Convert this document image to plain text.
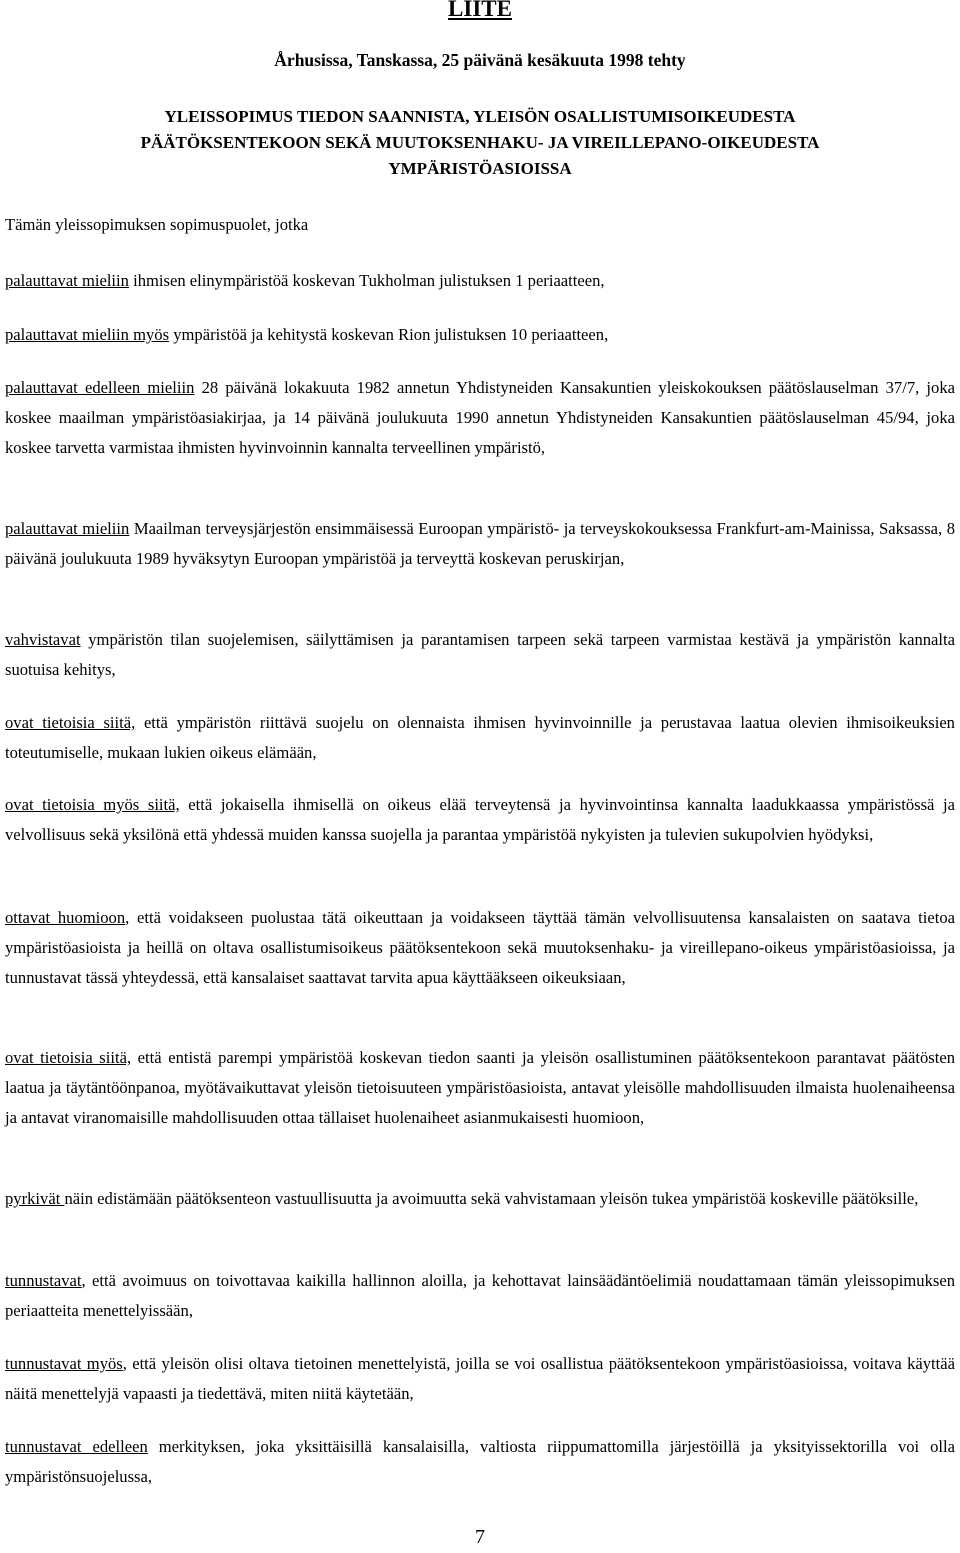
LIITE

Århusissa, Tanskassa, 25 päivänä kesäkuuta 1998 tehty

YLEISSOPIMUS TIEDON SAANNISTA, YLEISÖN OSALLISTUMISOIKEUDESTA
PÄÄTÖKSENTEKOON SEKÄ MUUTOKSENHAKU- JA VIREILLEPANO-OIKEUDESTA
YMPÄRISTÖASIOISSA

Tämän yleissopimuksen sopimuspuolet, jotka

palauttavat mieliin ihmisen elinympäristöä koskevan Tukholman julistuksen 1 periaatteen,

palauttavat mieliin myös ympäristöä ja kehitystä koskevan Rion julistuksen 10 periaatteen,

palauttavat edelleen mieliin 28 päivänä lokakuuta 1982 annetun Yhdistyneiden Kansakuntien yleiskokouksen päätöslauselman 37/7, joka koskee maailman ympäristöasiakirjaa, ja 14 päivänä joulukuuta 1990 annetun Yhdistyneiden Kansakuntien päätöslauselman 45/94, joka koskee tarvetta varmistaa ihmisten hyvinvoinnin kannalta terveellinen ympäristö,

palauttavat mieliin Maailman terveysjärjestön ensimmäisessä Euroopan ympäristö- ja terveyskokouksessa Frankfurt-am-Mainissa, Saksassa, 8 päivänä joulukuuta 1989 hyväksytyn Euroopan ympäristöä ja terveyttä koskevan peruskirjan,

vahvistavat ympäristön tilan suojelemisen, säilyttämisen ja parantamisen tarpeen sekä tarpeen varmistaa kestävä ja ympäristön kannalta suotuisa kehitys,

ovat tietoisia siitä, että ympäristön riittävä suojelu on olennaista ihmisen hyvinvoinnille ja perustavaa laatua olevien ihmisoikeuksien toteutumiselle, mukaan lukien oikeus elämään,

ovat tietoisia myös siitä, että jokaisella ihmisellä on oikeus elää terveytensä ja hyvinvointinsa kannalta laadukkaassa ympäristössä ja velvollisuus sekä yksilönä että yhdessä muiden kanssa suojella ja parantaa ympäristöä nykyisten ja tulevien sukupolvien hyödyksi,

ottavat huomioon, että voidakseen puolustaa tätä oikeuttaan ja voidakseen täyttää tämän velvollisuutensa kansalaisten on saatava tietoa ympäristöasioista ja heillä on oltava osallistumisoikeus päätöksentekoon sekä muutoksenhaku- ja vireillepano-oikeus ympäristöasioissa, ja tunnustavat tässä yhteydessä, että kansalaiset saattavat tarvita apua käyttääkseen oikeuksiaan,

ovat tietoisia siitä, että entistä parempi ympäristöä koskevan tiedon saanti ja yleisön osallistuminen päätöksentekoon parantavat päätösten laatua ja täytäntöönpanoa, myötävaikuttavat yleisön tietoisuuteen ympäristöasioista, antavat yleisölle mahdollisuuden ilmaista huolenaiheensa ja antavat viranomaisille mahdollisuuden ottaa tällaiset huolenaiheet asianmukaisesti huomioon,

pyrkivät näin edistämään päätöksenteon vastuullisuutta ja avoimuutta sekä vahvistamaan yleisön tukea ympäristöä koskeville päätöksille,

tunnustavat, että avoimuus on toivottavaa kaikilla hallinnon aloilla, ja kehottavat lainsäädäntöelimiä noudattamaan tämän yleissopimuksen periaatteita menettelyissään,

tunnustavat myös, että yleisön olisi oltava tietoinen menettelyistä, joilla se voi osallistua päätöksentekoon ympäristöasioissa, voitava käyttää näitä menettelyjä vapaasti ja tiedettävä, miten niitä käytetään,

tunnustavat edelleen merkityksen, joka yksittäisillä kansalaisilla, valtiosta riippumattomilla järjestöillä ja yksityissektorilla voi olla ympäristönsuojelussa,

7
